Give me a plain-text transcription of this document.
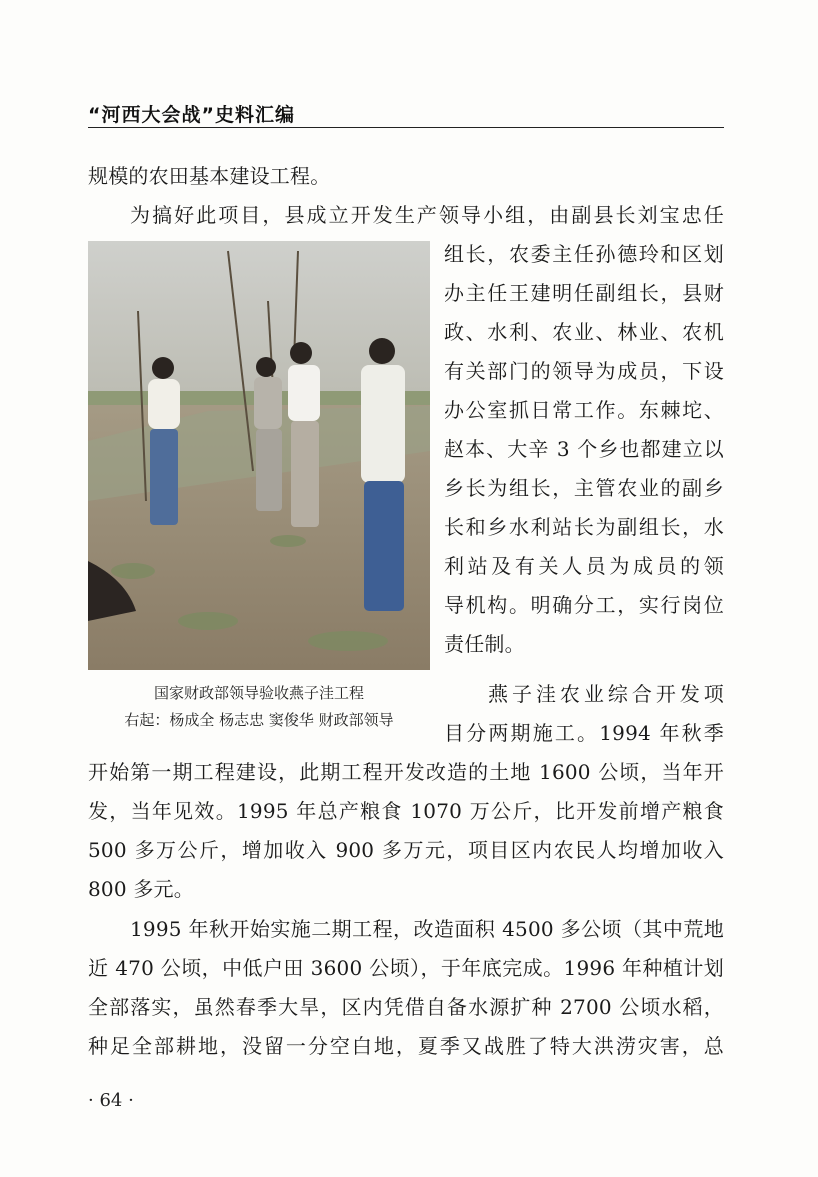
“河西大会战”史料汇编
规模的农田基本建设工程。
为搞好此项目，县成立开发生产领导小组，由副县长刘宝忠任
组长，农委主任孙德玲和区划
办主任王建明任副组长，县财
政、水利、农业、林业、农机
有关部门的领导为成员，下设
办公室抓日常工作。东棘坨、
赵本、大辛 3 个乡也都建立以
乡长为组长，主管农业的副乡
长和乡水利站长为副组长，水
利站及有关人员为成员的领
导机构。明确分工，实行岗位
责任制。
燕子洼农业综合开发项
目分两期施工。1994 年秋季
国家财政部领导验收燕子洼工程
右起：杨成全 杨志忠 窦俊华 财政部领导
开始第一期工程建设，此期工程开发改造的土地 1600 公顷，当年开
发，当年见效。1995 年总产粮食 1070 万公斤，比开发前增产粮食
500 多万公斤，增加收入 900 多万元，项目区内农民人均增加收入
800 多元。
1995 年秋开始实施二期工程，改造面积 4500 多公顷（其中荒地
近 470 公顷，中低户田 3600 公顷），于年底完成。1996 年种植计划
全部落实，虽然春季大旱，区内凭借自备水源扩种 2700 公顷水稻，
种足全部耕地，没留一分空白地，夏季又战胜了特大洪涝灾害，总
· 64 ·
